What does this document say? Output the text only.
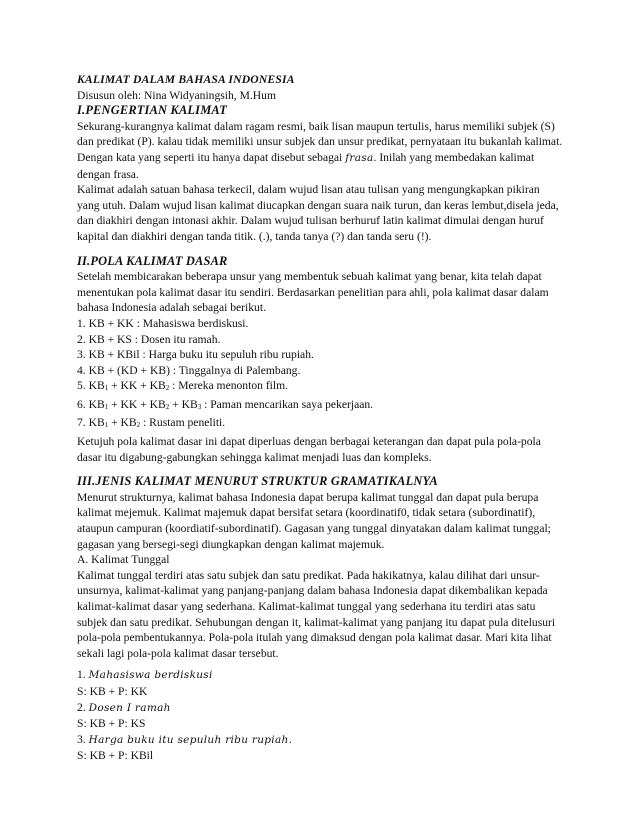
KALIMAT DALAM BAHASA INDONESIA
Disusun oleh: Nina Widyaningsih, M.Hum
I.PENGERTIAN KALIMAT

Sekurang-kurangnya kalimat dalam ragam resmi, baik lisan maupun tertulis, harus memiliki subjek (S) dan predikat (P). kalau tidak memiliki unsur subjek dan unsur predikat, pernyataan itu bukanlah kalimat. Dengan kata yang seperti itu hanya dapat disebut sebagai frasa. Inilah yang membedakan kalimat dengan frasa.

Kalimat adalah satuan bahasa terkecil, dalam wujud lisan atau tulisan yang mengungkapkan pikiran yang utuh. Dalam wujud lisan kalimat diucapkan dengan suara naik turun, dan keras lembut,disela jeda, dan diakhiri dengan intonasi akhir. Dalam wujud tulisan berhuruf latin kalimat dimulai dengan huruf kapital dan diakhiri dengan tanda titik. (.), tanda tanya (?) dan tanda seru (!).

II.POLA KALIMAT DASAR

Setelah membicarakan beberapa unsur yang membentuk sebuah kalimat yang benar, kita telah dapat menentukan pola kalimat dasar itu sendiri. Berdasarkan penelitian para ahli, pola kalimat dasar dalam bahasa Indonesia adalah sebagai berikut.

1. KB + KK : Mahasiswa berdiskusi.
2. KB + KS : Dosen itu ramah.
3. KB + KBil : Harga buku itu sepuluh ribu rupiah.
4. KB + (KD + KB) : Tinggalnya di Palembang.
5. KB1 + KK + KB2 : Mereka menonton film.
6. KB1 + KK + KB2 + KB3 : Paman mencarikan saya pekerjaan.
7. KB1 + KB2 : Rustam peneliti.

Ketujuh pola kalimat dasar ini dapat diperluas dengan berbagai keterangan dan dapat pula pola-pola dasar itu digabung-gabungkan sehingga kalimat menjadi luas dan kompleks.

III.JENIS KALIMAT MENURUT STRUKTUR GRAMATIKALNYA

Menurut strukturnya, kalimat bahasa Indonesia dapat berupa kalimat tunggal dan dapat pula berupa kalimat mejemuk. Kalimat majemuk dapat bersifat setara (koordinatif0, tidak setara (subordinatif), ataupun campuran (koordiatif-subordinatif). Gagasan yang tunggal dinyatakan dalam kalimat tunggal; gagasan yang bersegi-segi diungkapkan dengan kalimat majemuk.

A. Kalimat Tunggal

Kalimat tunggal terdiri atas satu subjek dan satu predikat. Pada hakikatnya, kalau dilihat dari unsur-unsurnya, kalimat-kalimat yang panjang-panjang dalam bahasa Indonesia dapat dikembalikan kepada kalimat-kalimat dasar yang sederhana. Kalimat-kalimat tunggal yang sederhana itu terdiri atas satu subjek dan satu predikat. Sehubungan dengan it, kalimat-kalimat yang panjang itu dapat pula ditelusuri pola-pola pembentukannya. Pola-pola itulah yang dimaksud dengan pola kalimat dasar. Mari kita lihat sekali lagi pola-pola kalimat dasar tersebut.

1. Mahasiswa berdiskusi
S: KB + P: KK
2. Dosen I ramah
S: KB + P: KS
3. Harga buku itu sepuluh ribu rupiah.
S: KB + P: KBil
